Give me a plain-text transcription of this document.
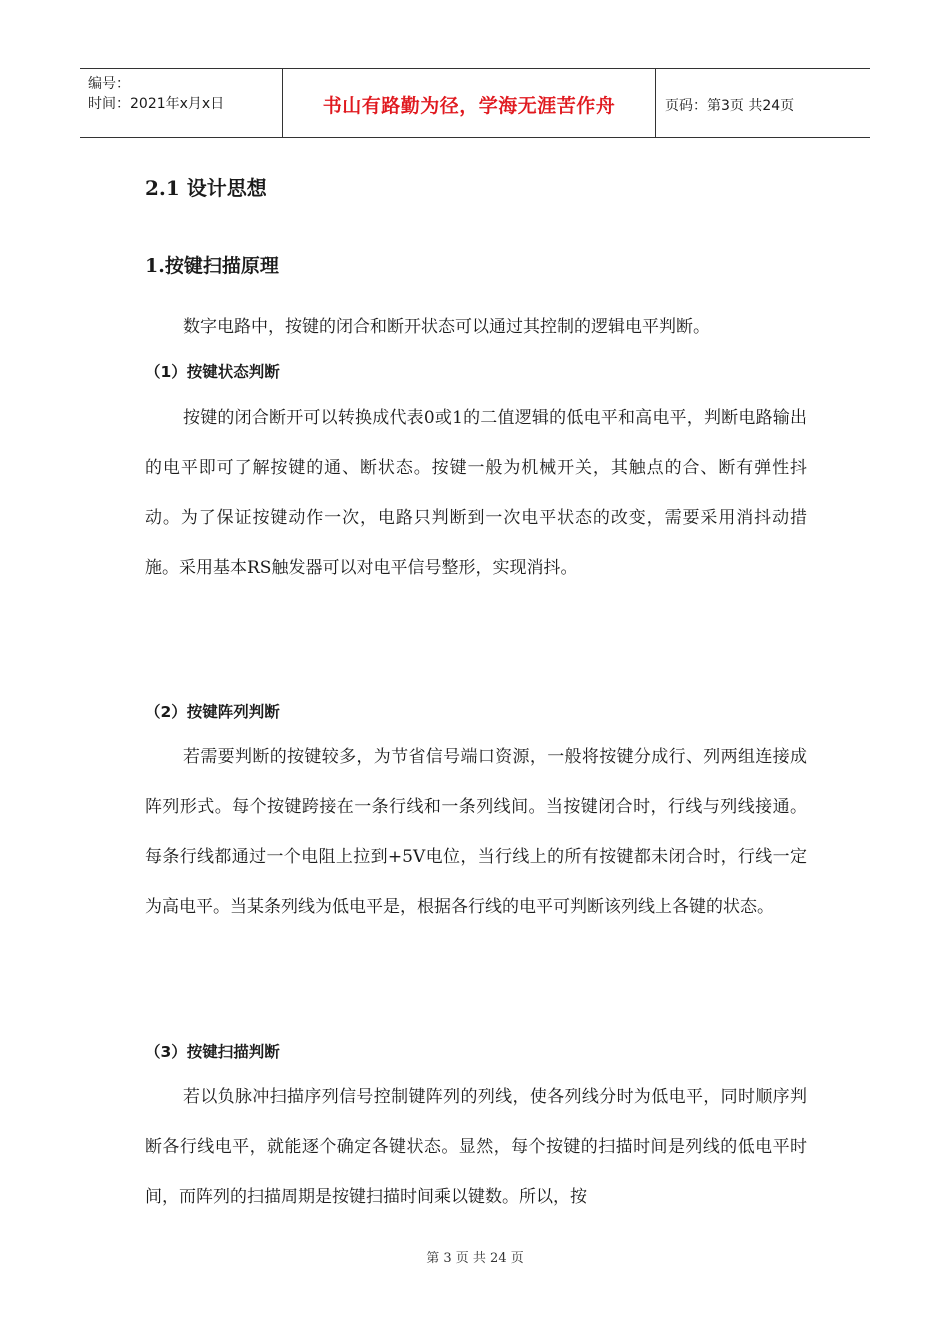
编号：
时间：2021年x月x日	书山有路勤为径，学海无涯苦作舟	页码：第3页 共24页
2.1 设计思想
1.按键扫描原理
数字电路中，按键的闭合和断开状态可以通过其控制的逻辑电平判断。
（1）按键状态判断
按键的闭合断开可以转换成代表0或1的二值逻辑的低电平和高电平，判断电路输出的电平即可了解按键的通、断状态。按键一般为机械开关，其触点的合、断有弹性抖动。为了保证按键动作一次，电路只判断到一次电平状态的改变，需要采用消抖动措施。采用基本RS触发器可以对电平信号整形，实现消抖。
（2）按键阵列判断
若需要判断的按键较多，为节省信号端口资源，一般将按键分成行、列两组连接成阵列形式。每个按键跨接在一条行线和一条列线间。当按键闭合时，行线与列线接通。每条行线都通过一个电阻上拉到+5V电位，当行线上的所有按键都未闭合时，行线一定为高电平。当某条列线为低电平是，根据各行线的电平可判断该列线上各键的状态。
（3）按键扫描判断
若以负脉冲扫描序列信号控制键阵列的列线，使各列线分时为低电平，同时顺序判断各行线电平，就能逐个确定各键状态。显然，每个按键的扫描时间是列线的低电平时间，而阵列的扫描周期是按键扫描时间乘以键数。所以，按
第 3 页 共 24 页
